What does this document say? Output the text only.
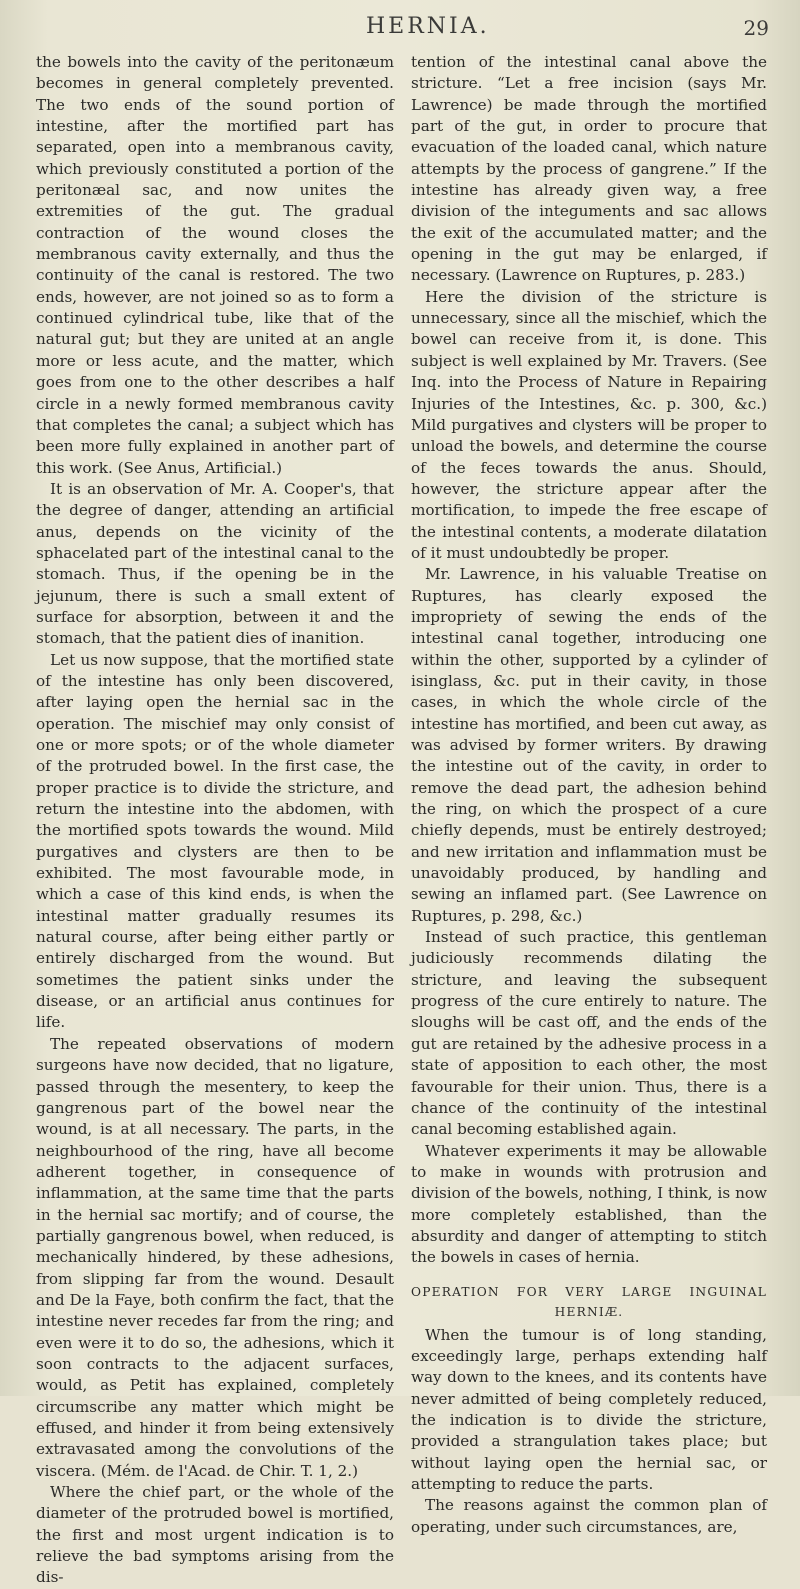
HERNIA.	29

the bowels into the cavity of the peritonæum becomes in general completely prevented. The two ends of the sound portion of intestine, after the mortified part has separated, open into a membranous cavity, which previously constituted a portion of the peritonæal sac, and now unites the extremities of the gut. The gradual contraction of the wound closes the membranous cavity externally, and thus the continuity of the canal is restored. The two ends, however, are not joined so as to form a continued cylindrical tube, like that of the natural gut; but they are united at an angle more or less acute, and the matter, which goes from one to the other describes a half circle in a newly formed membranous cavity that completes the canal; a subject which has been more fully explained in another part of this work. (See Anus, Artificial.)

It is an observation of Mr. A. Cooper's, that the degree of danger, attending an artificial anus, depends on the vicinity of the sphacelated part of the intestinal canal to the stomach. Thus, if the opening be in the jejunum, there is such a small extent of surface for absorption, between it and the stomach, that the patient dies of inanition.

Let us now suppose, that the mortified state of the intestine has only been discovered, after laying open the hernial sac in the operation. The mischief may only consist of one or more spots; or of the whole diameter of the protruded bowel. In the first case, the proper practice is to divide the stricture, and return the intestine into the abdomen, with the mortified spots towards the wound. Mild purgatives and clysters are then to be exhibited. The most favourable mode, in which a case of this kind ends, is when the intestinal matter gradually resumes its natural course, after being either partly or entirely discharged from the wound. But sometimes the patient sinks under the disease, or an artificial anus continues for life.

The repeated observations of modern surgeons have now decided, that no ligature, passed through the mesentery, to keep the gangrenous part of the bowel near the wound, is at all necessary. The parts, in the neighbourhood of the ring, have all become adherent together, in consequence of inflammation, at the same time that the parts in the hernial sac mortify; and of course, the partially gangrenous bowel, when reduced, is mechanically hindered, by these adhesions, from slipping far from the wound. Desault and De la Faye, both confirm the fact, that the intestine never recedes far from the ring; and even were it to do so, the adhesions, which it soon contracts to the adjacent surfaces, would, as Petit has explained, completely circumscribe any matter which might be effused, and hinder it from being extensively extravasated among the convolutions of the viscera. (Mém. de l'Acad. de Chir. T. 1, 2.)

Where the chief part, or the whole of the diameter of the protruded bowel is mortified, the first and most urgent indication is to relieve the bad symptoms arising from the dis-

tention of the intestinal canal above the stricture. “Let a free incision (says Mr. Lawrence) be made through the mortified part of the gut, in order to procure that evacuation of the loaded canal, which nature attempts by the process of gangrene.” If the intestine has already given way, a free division of the integuments and sac allows the exit of the accumulated matter; and the opening in the gut may be enlarged, if necessary. (Lawrence on Ruptures, p. 283.)

Here the division of the stricture is unnecessary, since all the mischief, which the bowel can receive from it, is done. This subject is well explained by Mr. Travers. (See Inq. into the Process of Nature in Repairing Injuries of the Intestines, &c. p. 300, &c.) Mild purgatives and clysters will be proper to unload the bowels, and determine the course of the feces towards the anus. Should, however, the stricture appear after the mortification, to impede the free escape of the intestinal contents, a moderate dilatation of it must undoubtedly be proper.

Mr. Lawrence, in his valuable Treatise on Ruptures, has clearly exposed the impropriety of sewing the ends of the intestinal canal together, introducing one within the other, supported by a cylinder of isinglass, &c. put in their cavity, in those cases, in which the whole circle of the intestine has mortified, and been cut away, as was advised by former writers. By drawing the intestine out of the cavity, in order to remove the dead part, the adhesion behind the ring, on which the prospect of a cure chiefly depends, must be entirely destroyed; and new irritation and inflammation must be unavoidably produced, by handling and sewing an inflamed part. (See Lawrence on Ruptures, p. 298, &c.)

Instead of such practice, this gentleman judiciously recommends dilating the stricture, and leaving the subsequent progress of the cure entirely to nature. The sloughs will be cast off, and the ends of the gut are retained by the adhesive process in a state of apposition to each other, the most favourable for their union. Thus, there is a chance of the continuity of the intestinal canal becoming established again.

Whatever experiments it may be allowable to make in wounds with protrusion and division of the bowels, nothing, I think, is now more completely established, than the absurdity and danger of attempting to stitch the bowels in cases of hernia.

OPERATION FOR VERY LARGE INGUINAL
HERNIÆ.

When the tumour is of long standing, exceedingly large, perhaps extending half way down to the knees, and its contents have never admitted of being completely reduced, the indication is to divide the stricture, provided a strangulation takes place; but without laying open the hernial sac, or attempting to reduce the parts.

The reasons against the common plan of operating, under such circumstances, are,
